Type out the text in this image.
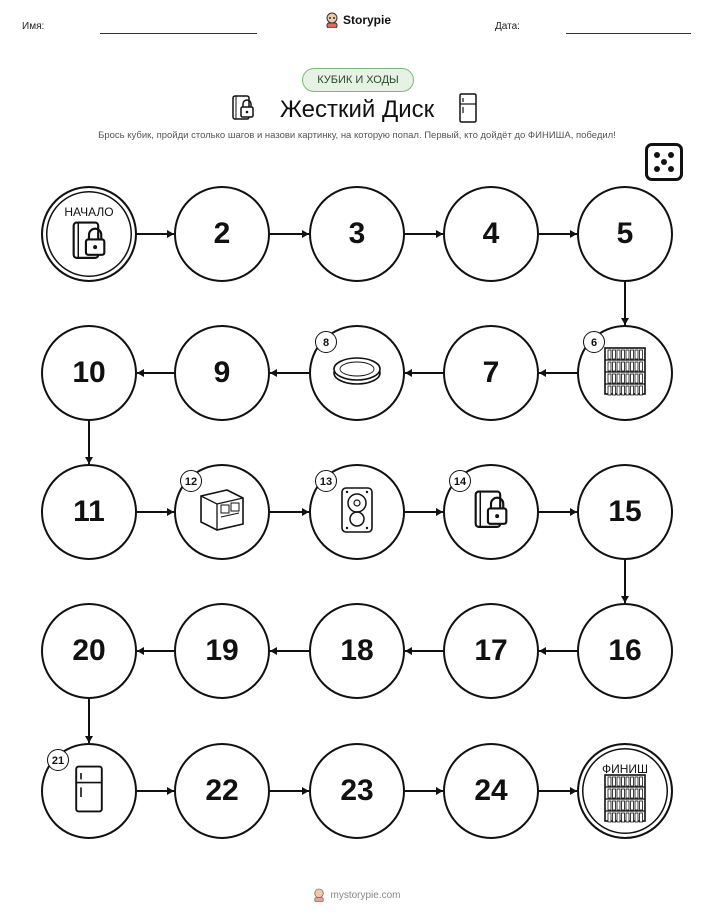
Имя:	Storypie	Дата:
КУБИК И ХОДЫ
Жесткий Диск
Брось кубик, пройди столько шагов и назови картинку, на которую попал. Первый, кто дойдёт до ФИНИША, победил!
НАЧАЛО
2	3	4	5
6
7
8
9
10
11
12	13	14
15
16
17
18
19
20
21
22	23	24
ФИНИШ
mystorypie.com
